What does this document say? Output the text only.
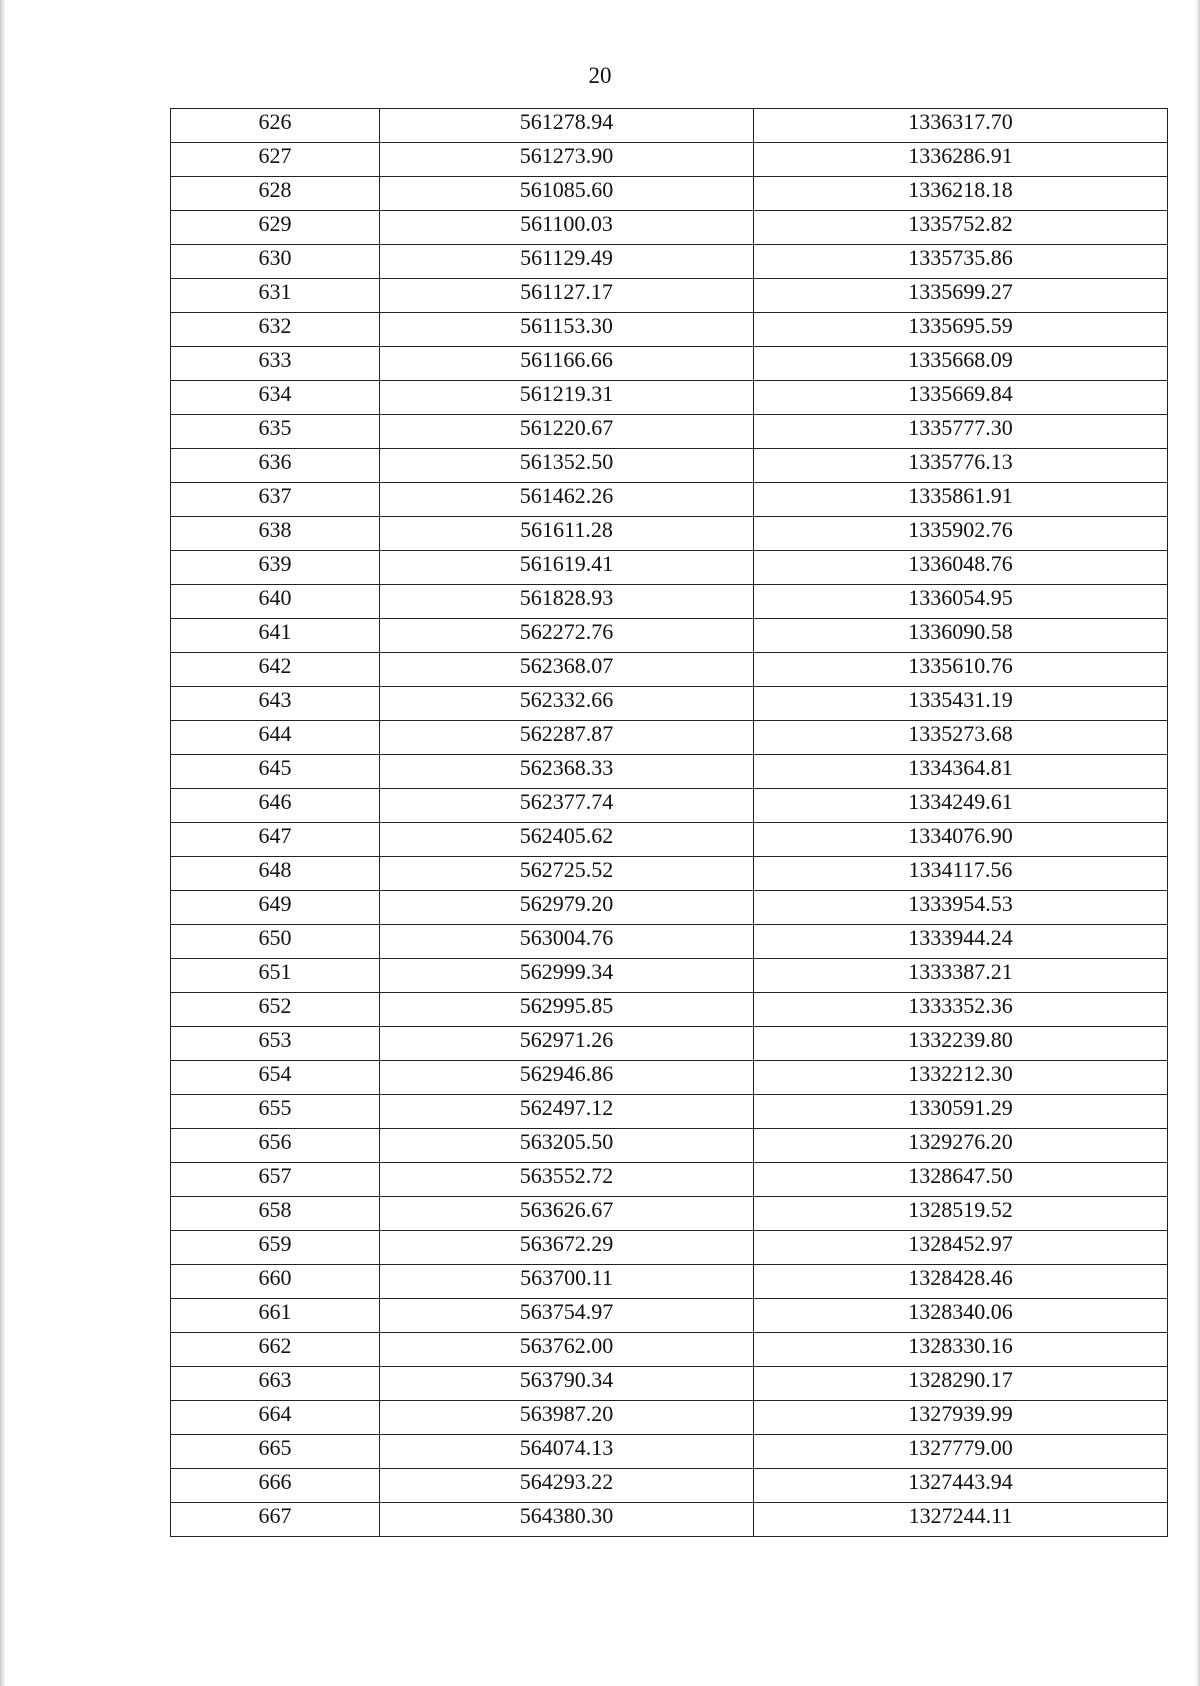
20
626	561278.94	1336317.70
627	561273.90	1336286.91
628	561085.60	1336218.18
629	561100.03	1335752.82
630	561129.49	1335735.86
631	561127.17	1335699.27
632	561153.30	1335695.59
633	561166.66	1335668.09
634	561219.31	1335669.84
635	561220.67	1335777.30
636	561352.50	1335776.13
637	561462.26	1335861.91
638	561611.28	1335902.76
639	561619.41	1336048.76
640	561828.93	1336054.95
641	562272.76	1336090.58
642	562368.07	1335610.76
643	562332.66	1335431.19
644	562287.87	1335273.68
645	562368.33	1334364.81
646	562377.74	1334249.61
647	562405.62	1334076.90
648	562725.52	1334117.56
649	562979.20	1333954.53
650	563004.76	1333944.24
651	562999.34	1333387.21
652	562995.85	1333352.36
653	562971.26	1332239.80
654	562946.86	1332212.30
655	562497.12	1330591.29
656	563205.50	1329276.20
657	563552.72	1328647.50
658	563626.67	1328519.52
659	563672.29	1328452.97
660	563700.11	1328428.46
661	563754.97	1328340.06
662	563762.00	1328330.16
663	563790.34	1328290.17
664	563987.20	1327939.99
665	564074.13	1327779.00
666	564293.22	1327443.94
667	564380.30	1327244.11
